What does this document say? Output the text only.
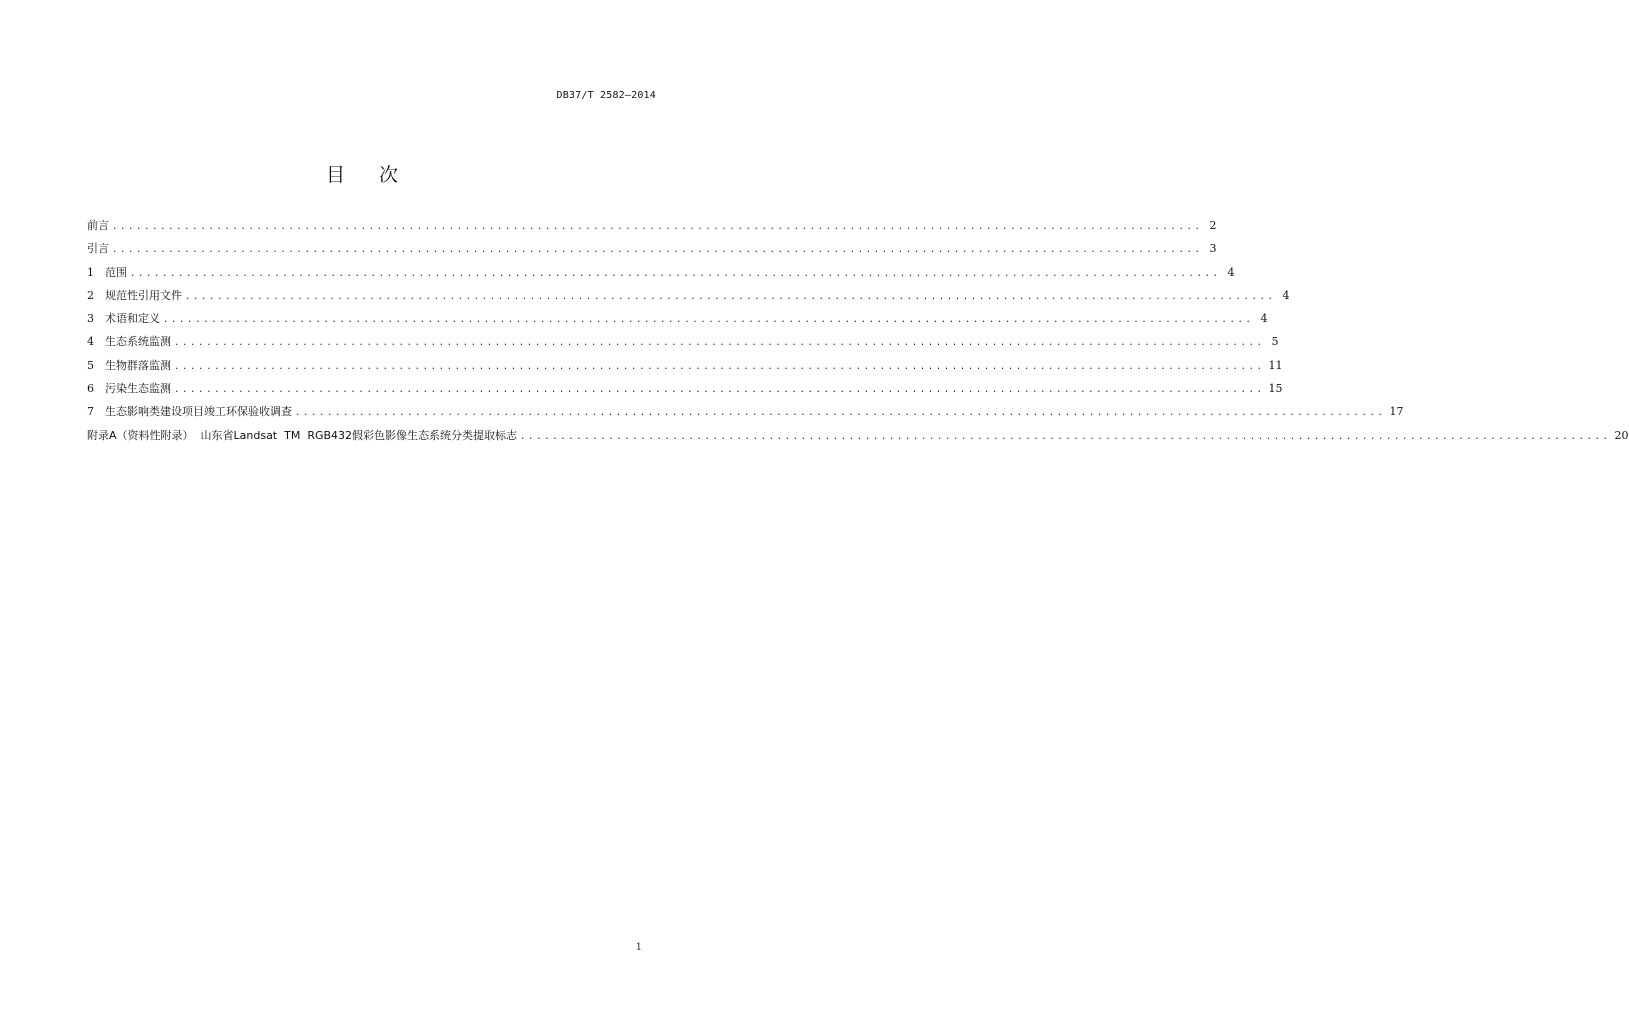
DB37/T 2582—2014
目 次
前言 ........................................................................................................................................ 2
引言 ........................................................................................................................................ 3
1	范围 ........................................................................................................................................ 4
2	规范性引用文件 ........................................................................................................................................ 4
3	术语和定义 ........................................................................................................................................ 4
4	生态系统监测 ........................................................................................................................................ 5
5	生物群落监测 ........................................................................................................................................ 11
6	污染生态监测 ........................................................................................................................................ 15
7	生态影响类建设项目竣工环保验收调查 ........................................................................................................................................ 17
附录A（资料性附录）  山东省Landsat  TM  RGB432假彩色影像生态系统分类提取标志 ........................................................................................................................................ 20
1
